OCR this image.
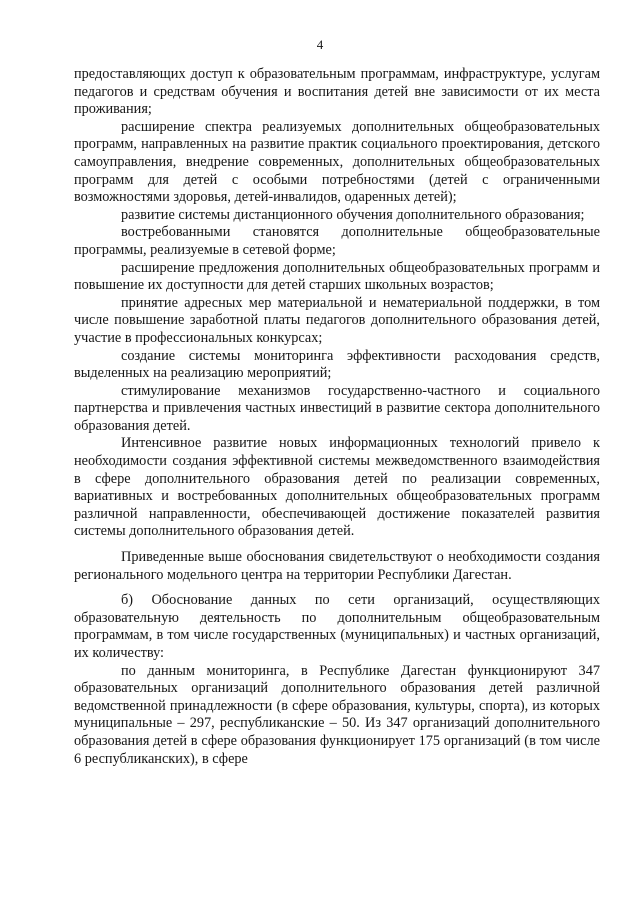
4

предоставляющих доступ к образовательным программам, инфраструктуре, услугам педагогов и средствам обучения и воспитания детей вне зависимости от их места проживания;

расширение спектра реализуемых дополнительных общеобразовательных программ, направленных на развитие практик социального проектирования, детского самоуправления, внедрение современных, дополнительных общеобразовательных программ для детей с особыми потребностями (детей с ограниченными возможностями здоровья, детей-инвалидов, одаренных детей);

развитие системы дистанционного обучения дополнительного образования;

востребованными становятся дополнительные общеобразовательные программы, реализуемые в сетевой форме;

расширение предложения дополнительных общеобразовательных программ и повышение их доступности для детей старших школьных возрастов;

принятие адресных мер материальной и нематериальной поддержки, в том числе повышение заработной платы педагогов дополнительного образования детей, участие в профессиональных конкурсах;

создание системы мониторинга эффективности расходования средств, выделенных на реализацию мероприятий;

стимулирование механизмов государственно-частного и социального партнерства и привлечения частных инвестиций в развитие сектора дополнительного образования детей.

Интенсивное развитие новых информационных технологий привело к необходимости создания эффективной системы межведомственного взаимодействия в сфере дополнительного образования детей по реализации современных, вариативных и востребованных дополнительных общеобразовательных программ различной направленности, обеспечивающей достижение показателей развития системы дополнительного образования детей.

Приведенные выше обоснования свидетельствуют о необходимости создания регионального модельного центра на территории Республики Дагестан.

б) Обоснование данных по сети организаций, осуществляющих образовательную деятельность по дополнительным общеобразовательным программам, в том числе государственных (муниципальных) и частных организаций, их количеству:

по данным мониторинга, в Республике Дагестан функционируют 347 образовательных организаций дополнительного образования детей различной ведомственной принадлежности (в сфере образования, культуры, спорта), из которых муниципальные – 297, республиканские – 50. Из 347 организаций дополнительного образования детей в сфере образования функционирует 175 организаций (в том числе 6 республиканских), в сфере
